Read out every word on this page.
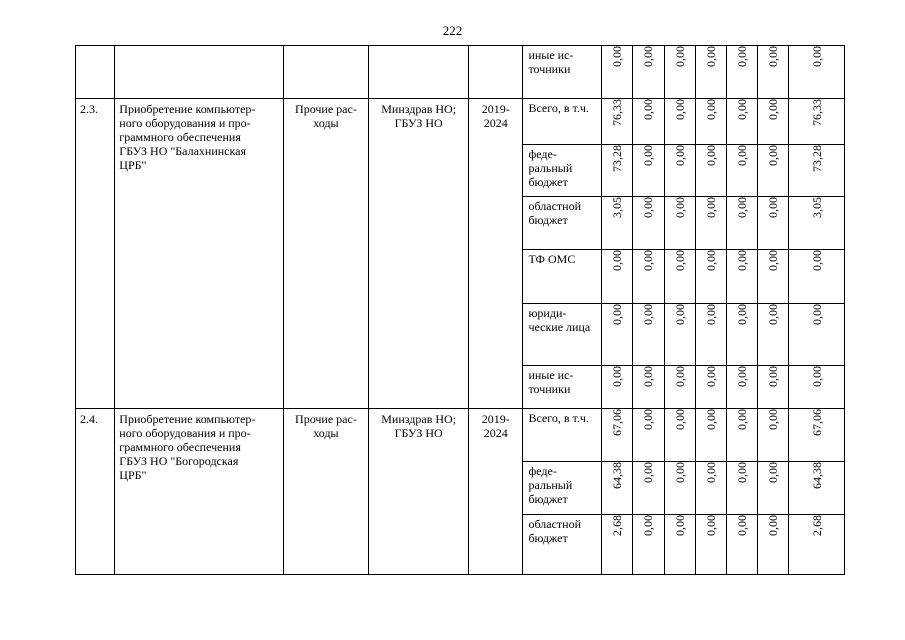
222

					иные ис-
точники	0,00	0,00	0,00	0,00	0,00	0,00	0,00

2.3.	Приобретение компьютер-
ного оборудования и про-
граммного обеспечения
ГБУЗ НО "Балахнинская
ЦРБ"	Прочие рас-
ходы	Минздрав НО;
ГБУЗ НО	2019-
2024	Всего, в т.ч.	76,33	0,00	0,00	0,00	0,00	0,00	76,33

					феде-
ральный
бюджет	73,28	0,00	0,00	0,00	0,00	0,00	73,28

					областной
бюджет	3,05	0,00	0,00	0,00	0,00	0,00	3,05

					ТФ ОМС	0,00	0,00	0,00	0,00	0,00	0,00	0,00

					юриди-
ческие лица	0,00	0,00	0,00	0,00	0,00	0,00	0,00

					иные ис-
точники	0,00	0,00	0,00	0,00	0,00	0,00	0,00

2.4.	Приобретение компьютер-
ного оборудования и про-
граммного обеспечения
ГБУЗ НО "Богородская
ЦРБ"	Прочие рас-
ходы	Минздрав НО;
ГБУЗ НО	2019-
2024	Всего, в т.ч.	67,06	0,00	0,00	0,00	0,00	0,00	67,06

					феде-
ральный
бюджет	64,38	0,00	0,00	0,00	0,00	0,00	64,38

					областной
бюджет	2,68	0,00	0,00	0,00	0,00	0,00	2,68
